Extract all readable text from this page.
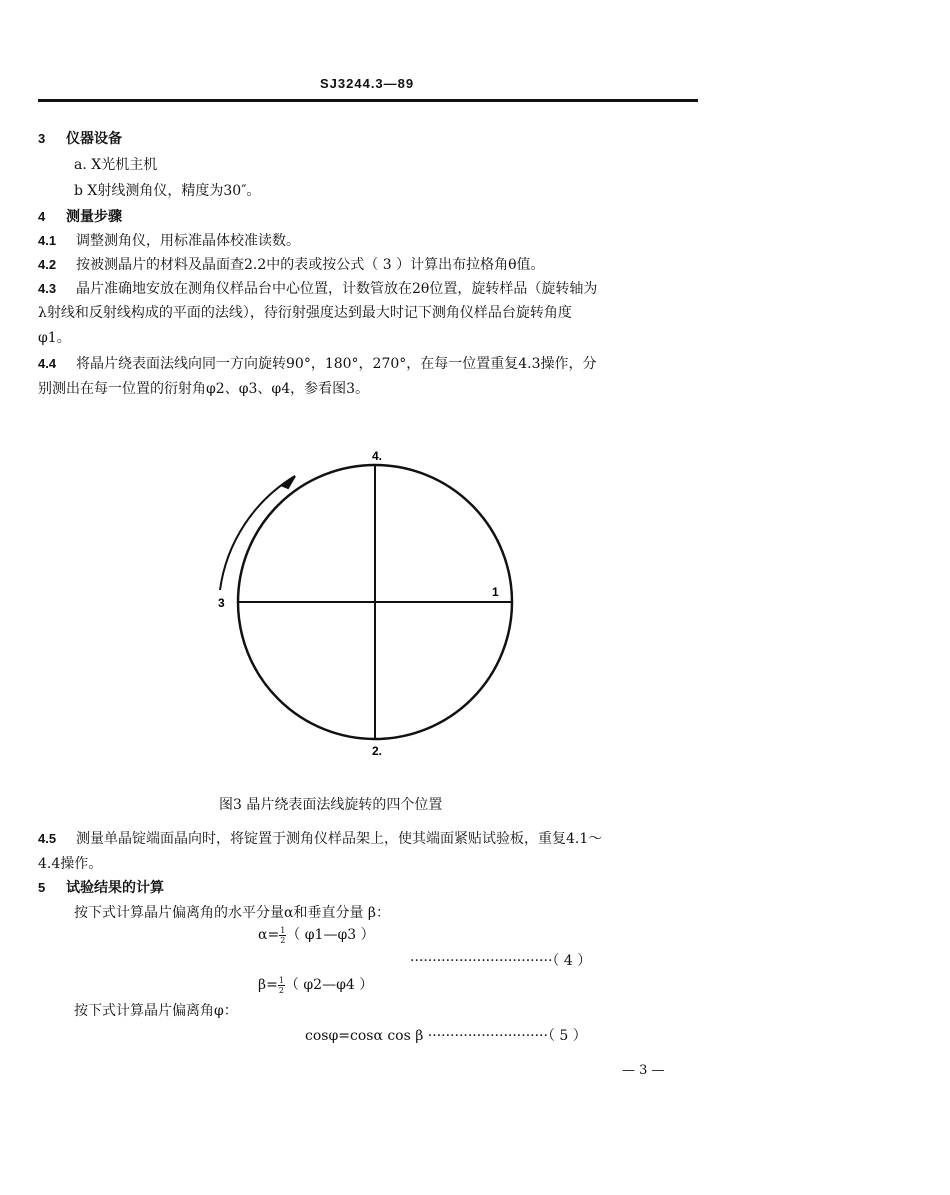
SJ3244.3—89
3 仪器设备
a. X光机主机
b X射线测角仪，精度为30″。
4 测量步骤
4.1 调整测角仪，用标准晶体校准读数。
4.2 按被测晶片的材料及晶面查2.2中的表或按公式（ 3 ）计算出布拉格角θ值。
4.3 晶片准确地安放在测角仪样品台中心位置，计数管放在2θ位置，旋转样品（旋转轴为
λ射线和反射线构成的平面的法线），待衍射强度达到最大时记下测角仪样品台旋转角度
φ1。
4.4 将晶片绕表面法线向同一方向旋转90°，180°，270°，在每一位置重复4.3操作，分
别测出在每一位置的衍射角φ2、φ3、φ4，参看图3。
4.
1
2.
3
图3 晶片绕表面法线旋转的四个位置
4.5 测量单晶锭端面晶向时，将锭置于测角仪样品架上，使其端面紧贴试验板，重复4.1～
4.4操作。
5 试验结果的计算
按下式计算晶片偏离角的水平分量α和垂直分量 β：
$\alpha= \frac{1}{2}$ （ φ1—φ3 ）
································（ 4 ）
$\beta= \frac{1}{2}$ （ φ2—φ4 ）
按下式计算晶片偏离角φ：
cosφ=cosα cos β ···························（ 5 ）
— 3 —
